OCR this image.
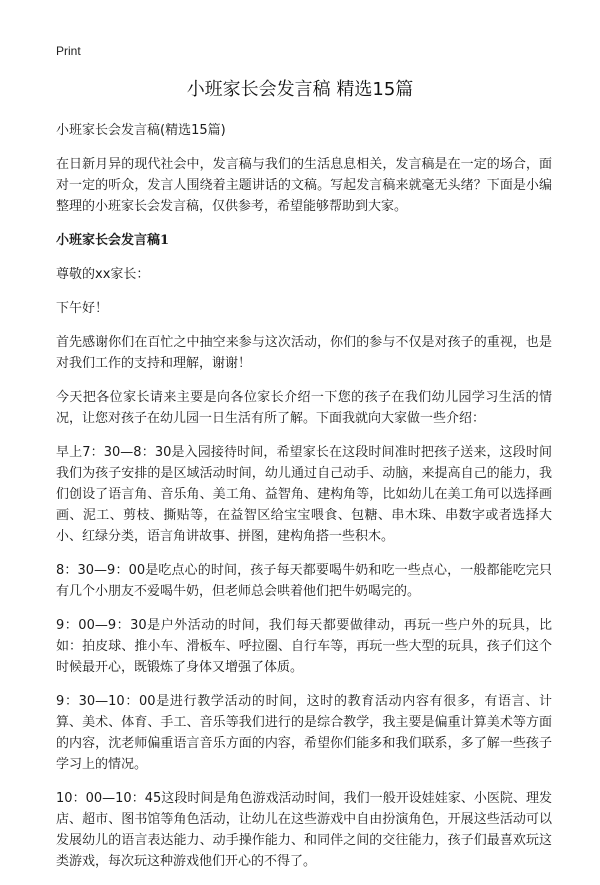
Print
小班家长会发言稿 精选15篇

小班家长会发言稿(精选15篇)

在日新月异的现代社会中，发言稿与我们的生活息息相关，发言稿是在一定的场合，面对一定的听众，发言人围绕着主题讲话的文稿。写起发言稿来就毫无头绪？下面是小编整理的小班家长会发言稿，仅供参考，希望能够帮助到大家。

小班家长会发言稿1

尊敬的xx家长：

下午好！

首先感谢你们在百忙之中抽空来参与这次活动，你们的参与不仅是对孩子的重视，也是对我们工作的支持和理解，谢谢！

今天把各位家长请来主要是向各位家长介绍一下您的孩子在我们幼儿园学习生活的情况，让您对孩子在幼儿园一日生活有所了解。下面我就向大家做一些介绍：

早上7：30—8：30是入园接待时间，希望家长在这段时间准时把孩子送来，这段时间我们为孩子安排的是区域活动时间，幼儿通过自己动手、动脑，来提高自己的能力，我们创设了语言角、音乐角、美工角、益智角、建构角等，比如幼儿在美工角可以选择画画、泥工、剪枝、撕贴等，在益智区给宝宝喂食、包糖、串木珠、串数字或者选择大小、红绿分类，语言角讲故事、拼图，建构角搭一些积木。

8：30—9：00是吃点心的时间，孩子每天都要喝牛奶和吃一些点心，一般都能吃完只有几个小朋友不爱喝牛奶，但老师总会哄着他们把牛奶喝完的。

9：00—9：30是户外活动的时间，我们每天都要做律动，再玩一些户外的玩具，比如：拍皮球、推小车、滑板车、呼拉圈、自行车等，再玩一些大型的玩具，孩子们这个时候最开心，既锻炼了身体又增强了体质。

9：30—10：00是进行教学活动的时间，这时的教育活动内容有很多，有语言、计算、美术、体育、手工、音乐等我们进行的是综合教学，我主要是偏重计算美术等方面的内容，沈老师偏重语言音乐方面的内容，希望你们能多和我们联系，多了解一些孩子学习上的情况。

10：00—10：45这段时间是角色游戏活动时间，我们一般开设娃娃家、小医院、理发店、超市、图书馆等角色活动，让幼儿在这些游戏中自由扮演角色，开展这些活动可以发展幼儿的语言表达能力、动手操作能力、和同伴之间的交往能力，孩子们最喜欢玩这类游戏，每次玩这种游戏他们开心的不得了。
